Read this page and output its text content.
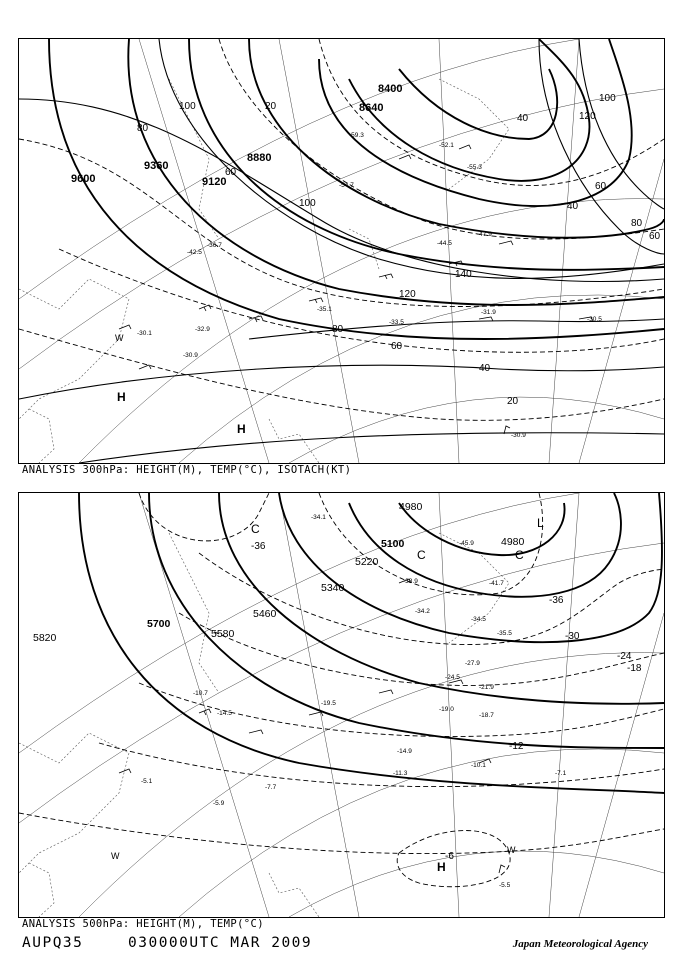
9600
9360
9120
8880
8640
8400
100
80
60
20
100
120
100
80
60
40
140
120
80
60
40
20
60
40
H
H
W
-36.7
-42.5
-44.5
-47.9
-59.3
-55.3
-54.7
-52.1
-31.9
-33.5	-30.5
-35.1
-32.9
-30.1
-30.9
-30.9
ANALYSIS 300hPa: HEIGHT(M), TEMP(°C), ISOTACH(KT)
5820
5700
5580
5460
5340
5220
5100
4980
4980
-36
-36
-30
-24
-18
-12
-6
C
C	C
L
H
W
W
-34.1
-38.9	-41.7
-45.9
-34.2
-34.5
-35.5
-27.9
-24.5
-21.9
-18.7
-19.0
-19.5
-14.5
-14.9
-11.3
-10.1
-7.1
-5.5
-5.1
-5.9
-7.7
-10.7
ANALYSIS 500hPa: HEIGHT(M), TEMP(°C)
AUPQ35	030000UTC MAR 2009	Japan Meteorological Agency
